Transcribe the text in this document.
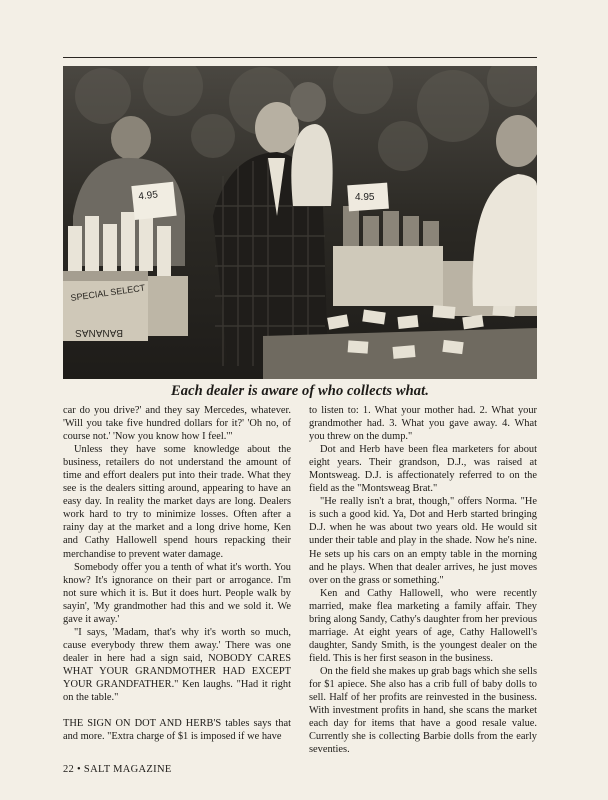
SPECIAL SELECT
BANANAS
4.95	4.95
Each dealer is aware of who collects what.

car do you drive?' and they say Mercedes, whatever. 'Will you take five hundred dollars for it?' 'Oh no, of course not.' 'Now you know how I feel.'"

Unless they have some knowledge about the business, retailers do not understand the amount of time and effort dealers put into their trade. What they see is the dealers sitting around, appearing to have an easy day. In reality the market days are long. Dealers work hard to try to minimize losses. Often after a rainy day at the market and a long drive home, Ken and Cathy Hallowell spend hours repacking their merchandise to prevent water damage.

Somebody offer you a tenth of what it's worth. You know? It's ignorance on their part or arrogance. I'm not sure which it is. But it does hurt. People walk by sayin', 'My grandmother had this and we sold it. We gave it away.'

"I says, 'Madam, that's why it's worth so much, cause everybody threw them away.' There was one dealer in here had a sign said, NOBODY CARES WHAT YOUR GRANDMOTHER HAD EXCEPT YOUR GRANDFATHER." Ken laughs. "Had it right on the table."

THE SIGN ON DOT AND HERB'S tables says that and more. "Extra charge of $1 is imposed if we have

to listen to: 1. What your mother had. 2. What your grandmother had. 3. What you gave away. 4. What you threw on the dump."

Dot and Herb have been flea marketers for about eight years. Their grandson, D.J., was raised at Montsweag. D.J. is affectionately referred to on the field as the "Montsweag Brat."

"He really isn't a brat, though," offers Norma. "He is such a good kid. Ya, Dot and Herb started bringing D.J. when he was about two years old. He would sit under their table and play in the shade. Now he's nine. He sets up his cars on an empty table in the morning and he plays. When that dealer arrives, he just moves over on the grass or something."

Ken and Cathy Hallowell, who were recently married, make flea marketing a family affair. They bring along Sandy, Cathy's daughter from her previous marriage. At eight years of age, Cathy Hallowell's daughter, Sandy Smith, is the youngest dealer on the field. This is her first season in the business.

On the field she makes up grab bags which she sells for $1 apiece. She also has a crib full of baby dolls to sell. Half of her profits are reinvested in the business. With investment profits in hand, she scans the market each day for items that have a good resale value. Currently she is collecting Barbie dolls from the early seventies.

22 • SALT MAGAZINE
